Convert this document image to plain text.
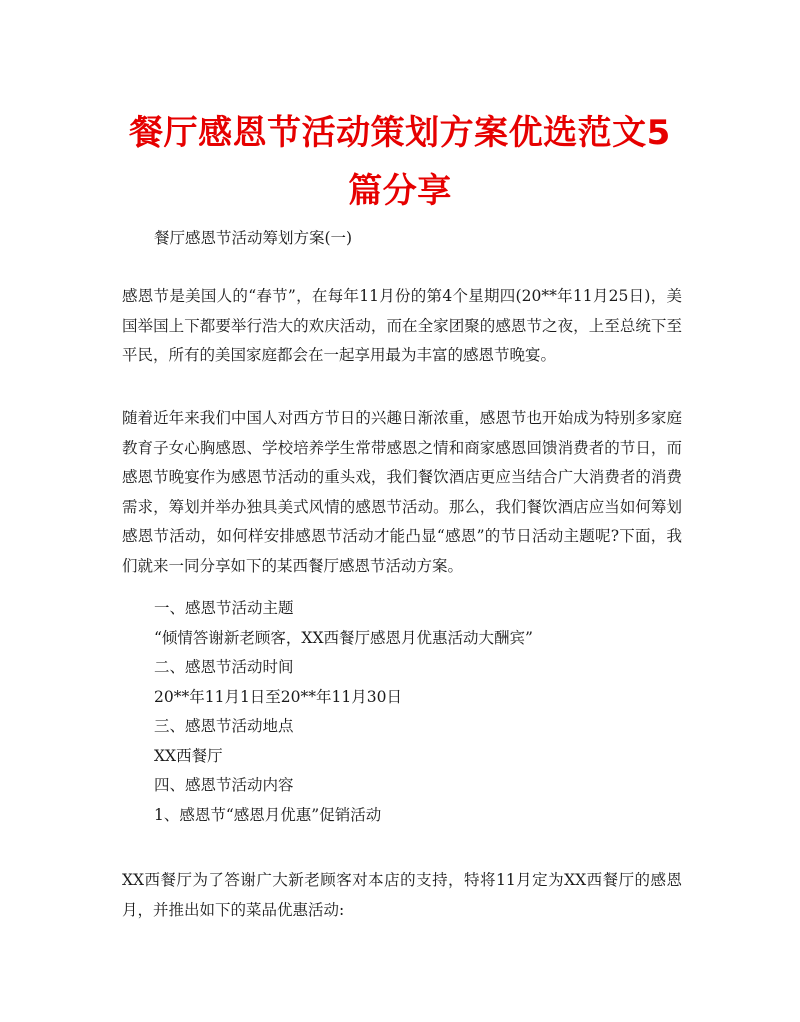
餐厅感恩节活动策划方案优选范文5篇分享

餐厅感恩节活动筹划方案(一)

感恩节是美国人的“春节”，在每年11月份的第4个星期四(20**年11月25日)，美国举国上下都要举行浩大的欢庆活动，而在全家团聚的感恩节之夜，上至总统下至平民，所有的美国家庭都会在一起享用最为丰富的感恩节晚宴。

随着近年来我们中国人对西方节日的兴趣日渐浓重，感恩节也开始成为特别多家庭教育子女心胸感恩、学校培养学生常带感恩之情和商家感恩回馈消费者的节日，而感恩节晚宴作为感恩节活动的重头戏，我们餐饮酒店更应当结合广大消费者的消费需求，筹划并举办独具美式风情的感恩节活动。那么，我们餐饮酒店应当如何筹划感恩节活动，如何样安排感恩节活动才能凸显“感恩”的节日活动主题呢?下面，我们就来一同分享如下的某西餐厅感恩节活动方案。

一、感恩节活动主题

“倾情答谢新老顾客，XX西餐厅感恩月优惠活动大酬宾”

二、感恩节活动时间

20**年11月1日至20**年11月30日

三、感恩节活动地点

XX西餐厅

四、感恩节活动内容

1、感恩节“感恩月优惠”促销活动

XX西餐厅为了答谢广大新老顾客对本店的支持，特将11月定为XX西餐厅的感恩月，并推出如下的菜品优惠活动:
